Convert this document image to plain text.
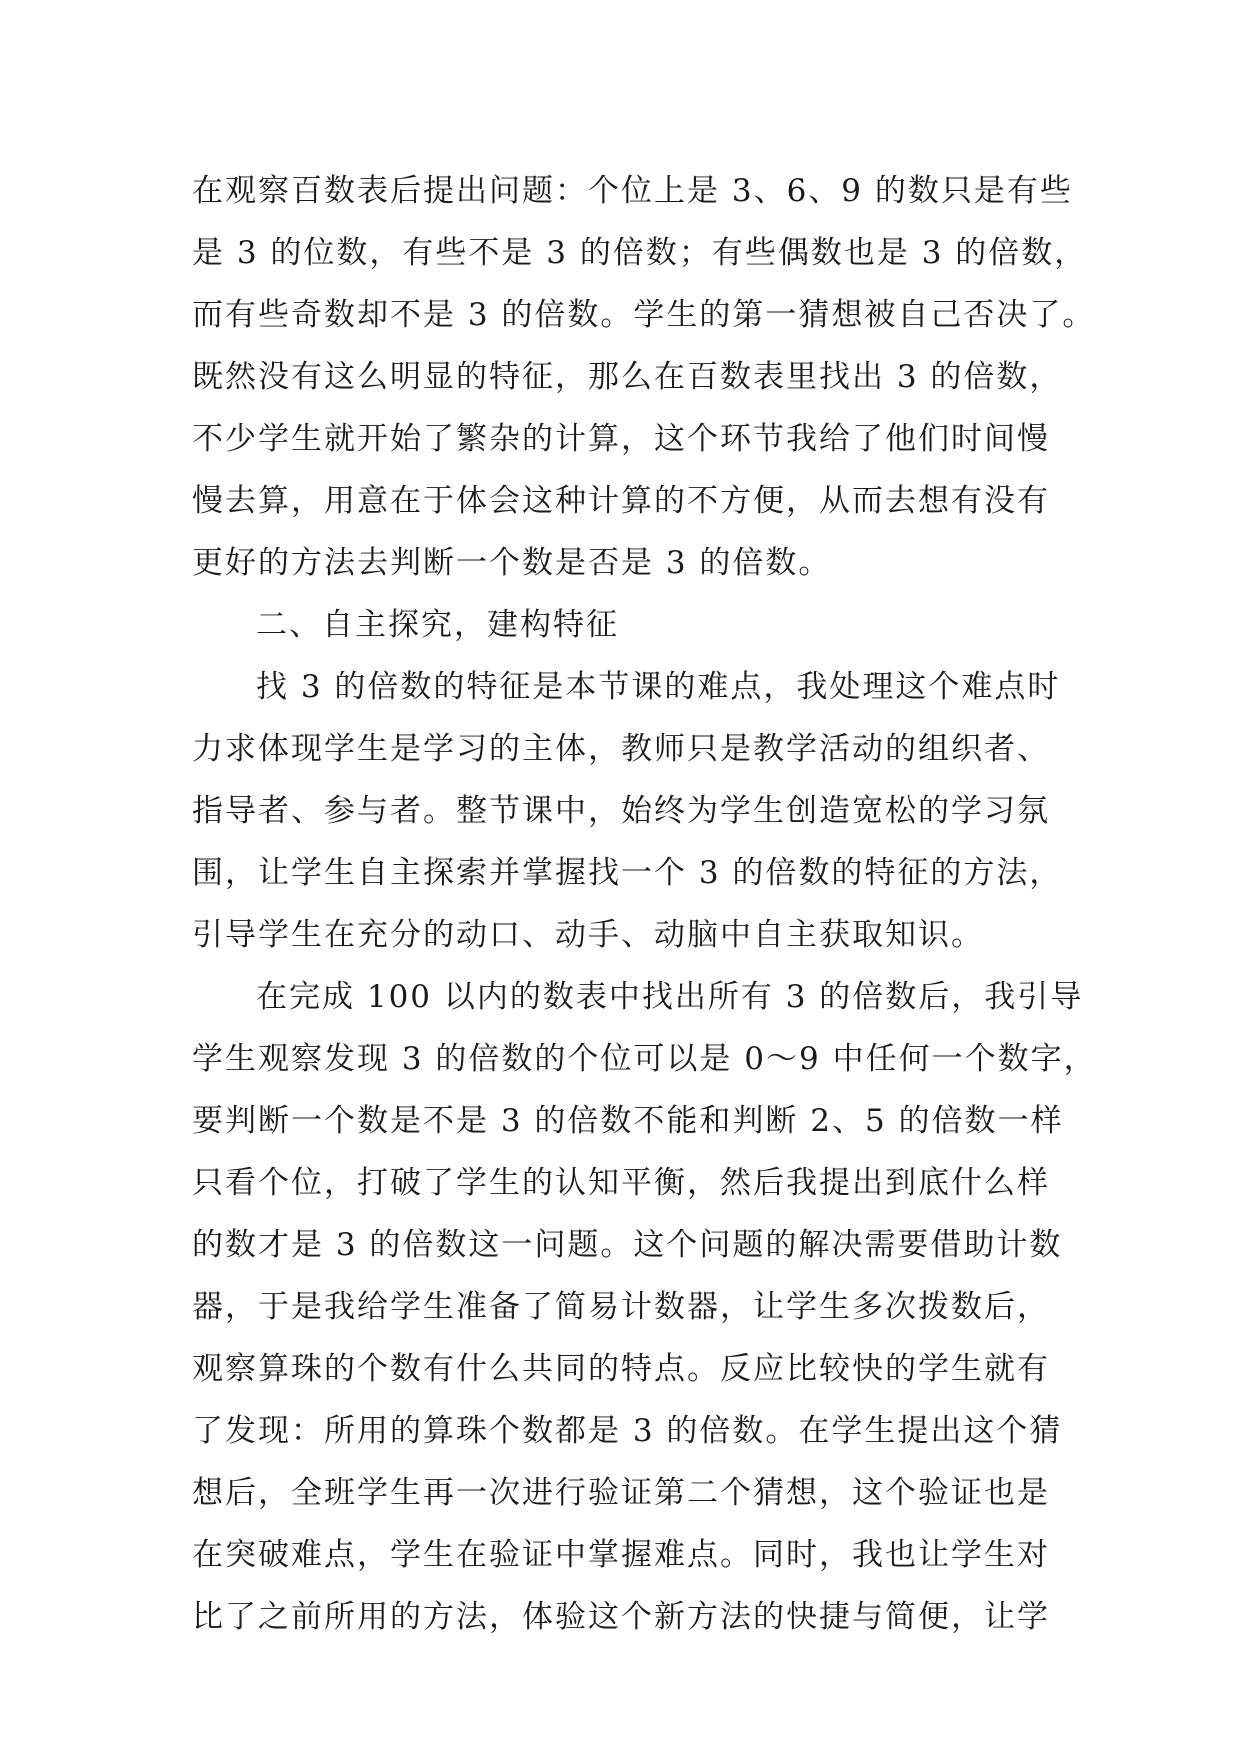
在观察百数表后提出问题：个位上是 3、6、9 的数只是有些
是 3 的位数，有些不是 3 的倍数；有些偶数也是 3 的倍数，
而有些奇数却不是 3 的倍数。学生的第一猜想被自己否决了。
既然没有这么明显的特征，那么在百数表里找出 3 的倍数，
不少学生就开始了繁杂的计算，这个环节我给了他们时间慢
慢去算，用意在于体会这种计算的不方便，从而去想有没有
更好的方法去判断一个数是否是 3 的倍数。
二、自主探究，建构特征
找 3 的倍数的特征是本节课的难点，我处理这个难点时
力求体现学生是学习的主体，教师只是教学活动的组织者、
指导者、参与者。整节课中，始终为学生创造宽松的学习氛
围，让学生自主探索并掌握找一个 3 的倍数的特征的方法，
引导学生在充分的动口、动手、动脑中自主获取知识。
在完成 100 以内的数表中找出所有 3 的倍数后，我引导
学生观察发现 3 的倍数的个位可以是 0～9 中任何一个数字，
要判断一个数是不是 3 的倍数不能和判断 2、5 的倍数一样
只看个位，打破了学生的认知平衡，然后我提出到底什么样
的数才是 3 的倍数这一问题。这个问题的解决需要借助计数
器，于是我给学生准备了简易计数器，让学生多次拨数后，
观察算珠的个数有什么共同的特点。反应比较快的学生就有
了发现：所用的算珠个数都是 3 的倍数。在学生提出这个猜
想后，全班学生再一次进行验证第二个猜想，这个验证也是
在突破难点，学生在验证中掌握难点。同时，我也让学生对
比了之前所用的方法，体验这个新方法的快捷与简便，让学
